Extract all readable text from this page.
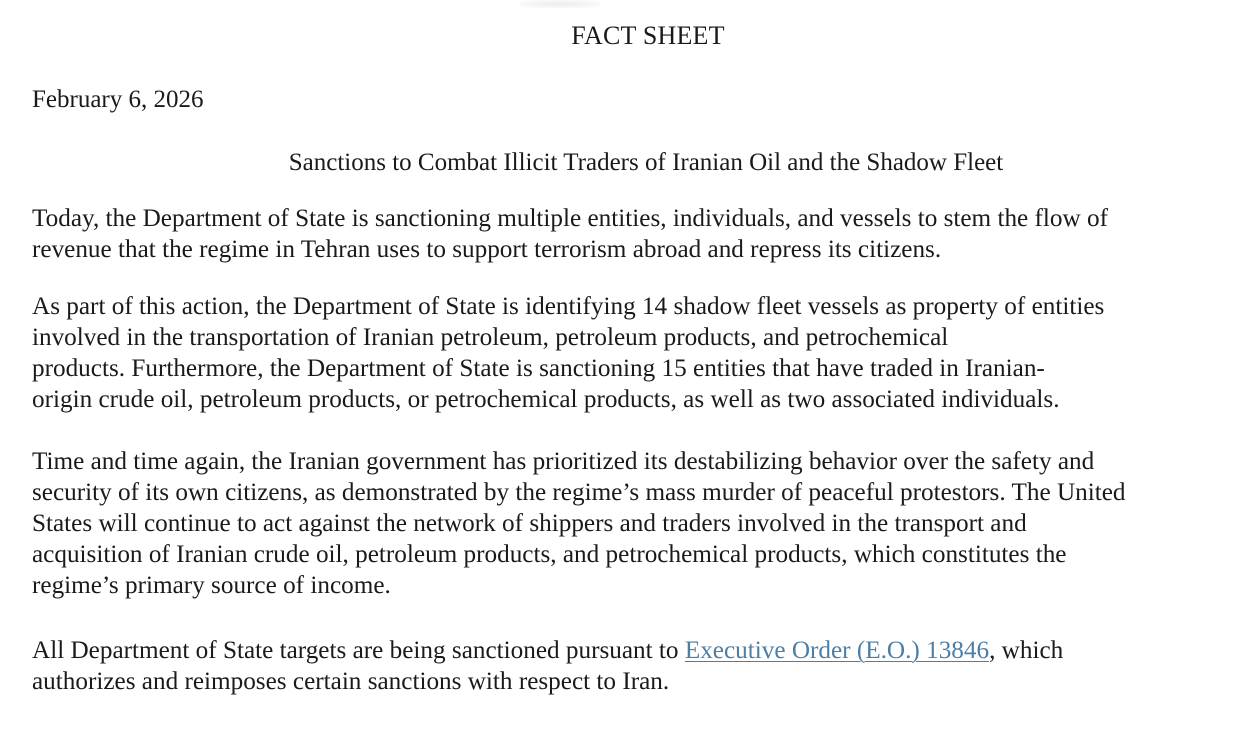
FACT SHEET
February 6, 2026
Sanctions to Combat Illicit Traders of Iranian Oil and the Shadow Fleet

Today, the Department of State is sanctioning multiple entities, individuals, and vessels to stem the flow of
revenue that the regime in Tehran uses to support terrorism abroad and repress its citizens.

As part of this action, the Department of State is identifying 14 shadow fleet vessels as property of entities
involved in the transportation of Iranian petroleum, petroleum products, and petrochemical
products. Furthermore, the Department of State is sanctioning 15 entities that have traded in Iranian-
origin crude oil, petroleum products, or petrochemical products, as well as two associated individuals.

Time and time again, the Iranian government has prioritized its destabilizing behavior over the safety and
security of its own citizens, as demonstrated by the regime’s mass murder of peaceful protestors. The United
States will continue to act against the network of shippers and traders involved in the transport and
acquisition of Iranian crude oil, petroleum products, and petrochemical products, which constitutes the
regime’s primary source of income.

All Department of State targets are being sanctioned pursuant to Executive Order (E.O.) 13846, which
authorizes and reimposes certain sanctions with respect to Iran.
